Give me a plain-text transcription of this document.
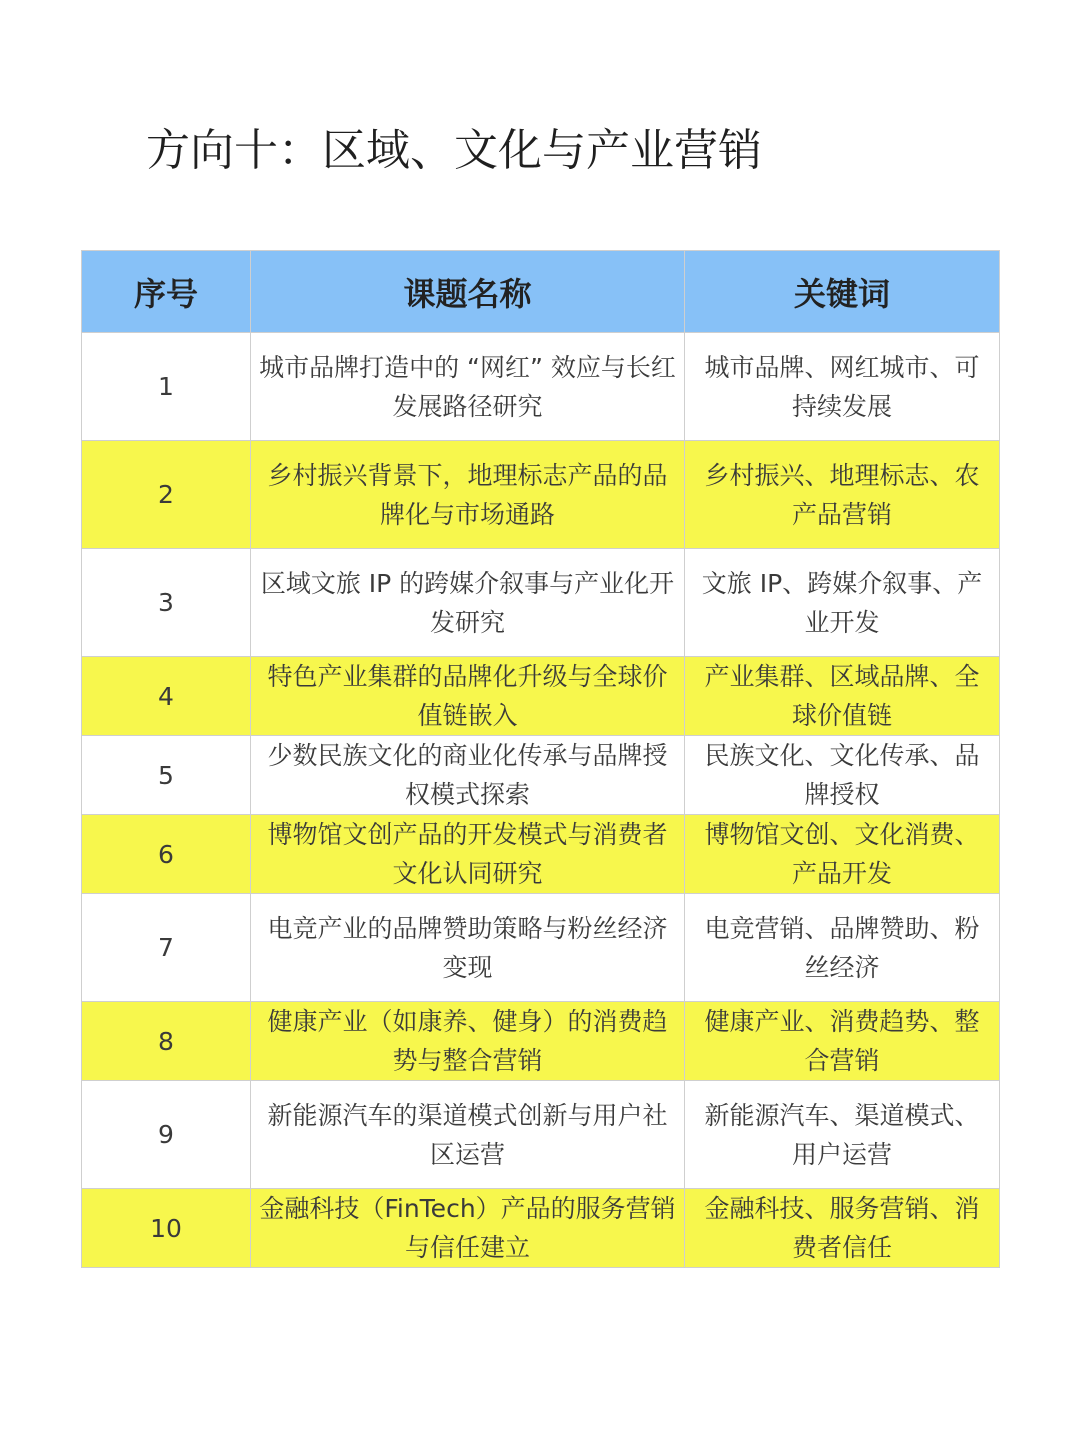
方向十：区域、文化与产业营销
序号	课题名称	关键词
1	城市品牌打造中的 “网红” 效应与长红发展路径研究	城市品牌、网红城市、可持续发展
2	乡村振兴背景下，地理标志产品的品牌化与市场通路	乡村振兴、地理标志、农产品营销
3	区域文旅 IP 的跨媒介叙事与产业化开发研究	文旅 IP、跨媒介叙事、产业开发
4	特色产业集群的品牌化升级与全球价值链嵌入	产业集群、区域品牌、全球价值链
5	少数民族文化的商业化传承与品牌授权模式探索	民族文化、文化传承、品牌授权
6	博物馆文创产品的开发模式与消费者文化认同研究	博物馆文创、文化消费、产品开发
7	电竞产业的品牌赞助策略与粉丝经济变现	电竞营销、品牌赞助、粉丝经济
8	健康产业（如康养、健身）的消费趋势与整合营销	健康产业、消费趋势、整合营销
9	新能源汽车的渠道模式创新与用户社区运营	新能源汽车、渠道模式、用户运营
10	金融科技（FinTech）产品的服务营销与信任建立	金融科技、服务营销、消费者信任
